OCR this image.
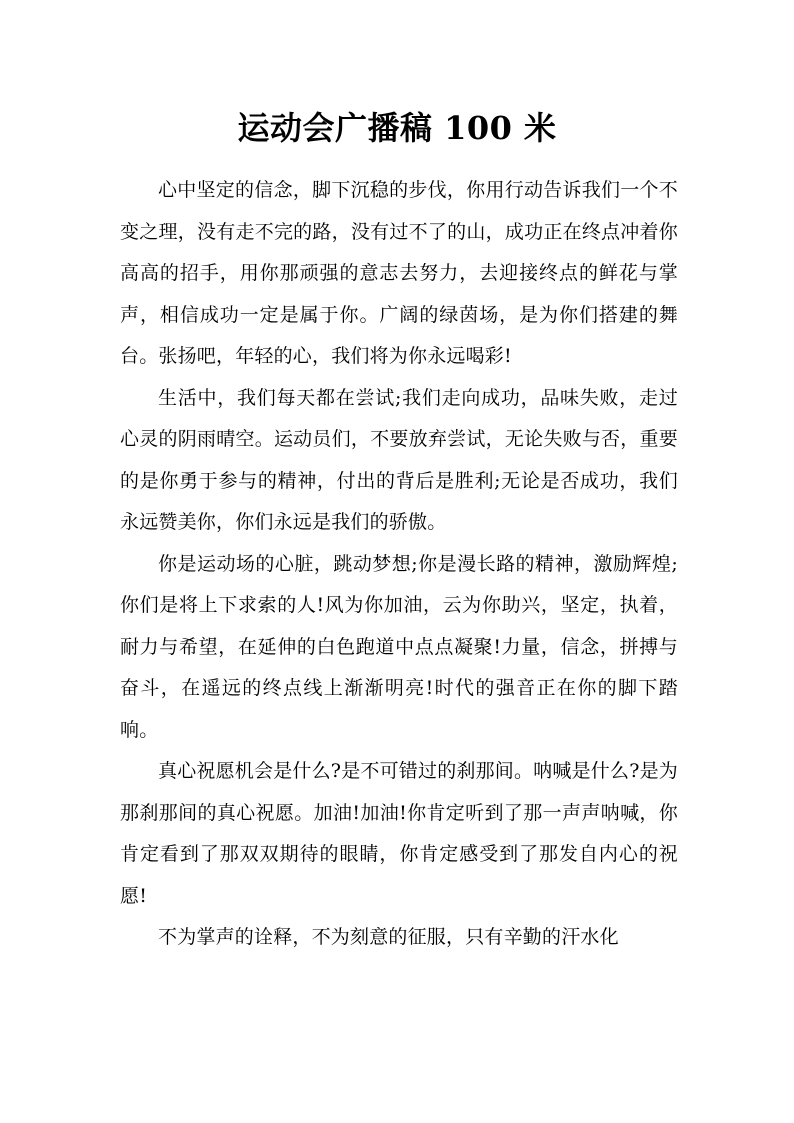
运动会广播稿 100 米

心中坚定的信念，脚下沉稳的步伐，你用行动告诉我们一个不变之理，没有走不完的路，没有过不了的山，成功正在终点冲着你高高的招手，用你那顽强的意志去努力，去迎接终点的鲜花与掌声，相信成功一定是属于你。广阔的绿茵场，是为你们搭建的舞台。张扬吧，年轻的心，我们将为你永远喝彩!

生活中，我们每天都在尝试;我们走向成功，品味失败，走过心灵的阴雨晴空。运动员们，不要放弃尝试，无论失败与否，重要的是你勇于参与的精神，付出的背后是胜利;无论是否成功，我们永远赞美你，你们永远是我们的骄傲。

你是运动场的心脏，跳动梦想;你是漫长路的精神，激励辉煌;你们是将上下求索的人!风为你加油，云为你助兴，坚定，执着，耐力与希望，在延伸的白色跑道中点点凝聚!力量，信念，拼搏与奋斗，在遥远的终点线上渐渐明亮!时代的强音正在你的脚下踏响。

真心祝愿机会是什么?是不可错过的刹那间。呐喊是什么?是为那刹那间的真心祝愿。加油!加油!你肯定听到了那一声声呐喊，你肯定看到了那双双期待的眼睛，你肯定感受到了那发自内心的祝愿!

不为掌声的诠释，不为刻意的征服，只有辛勤的汗水化
